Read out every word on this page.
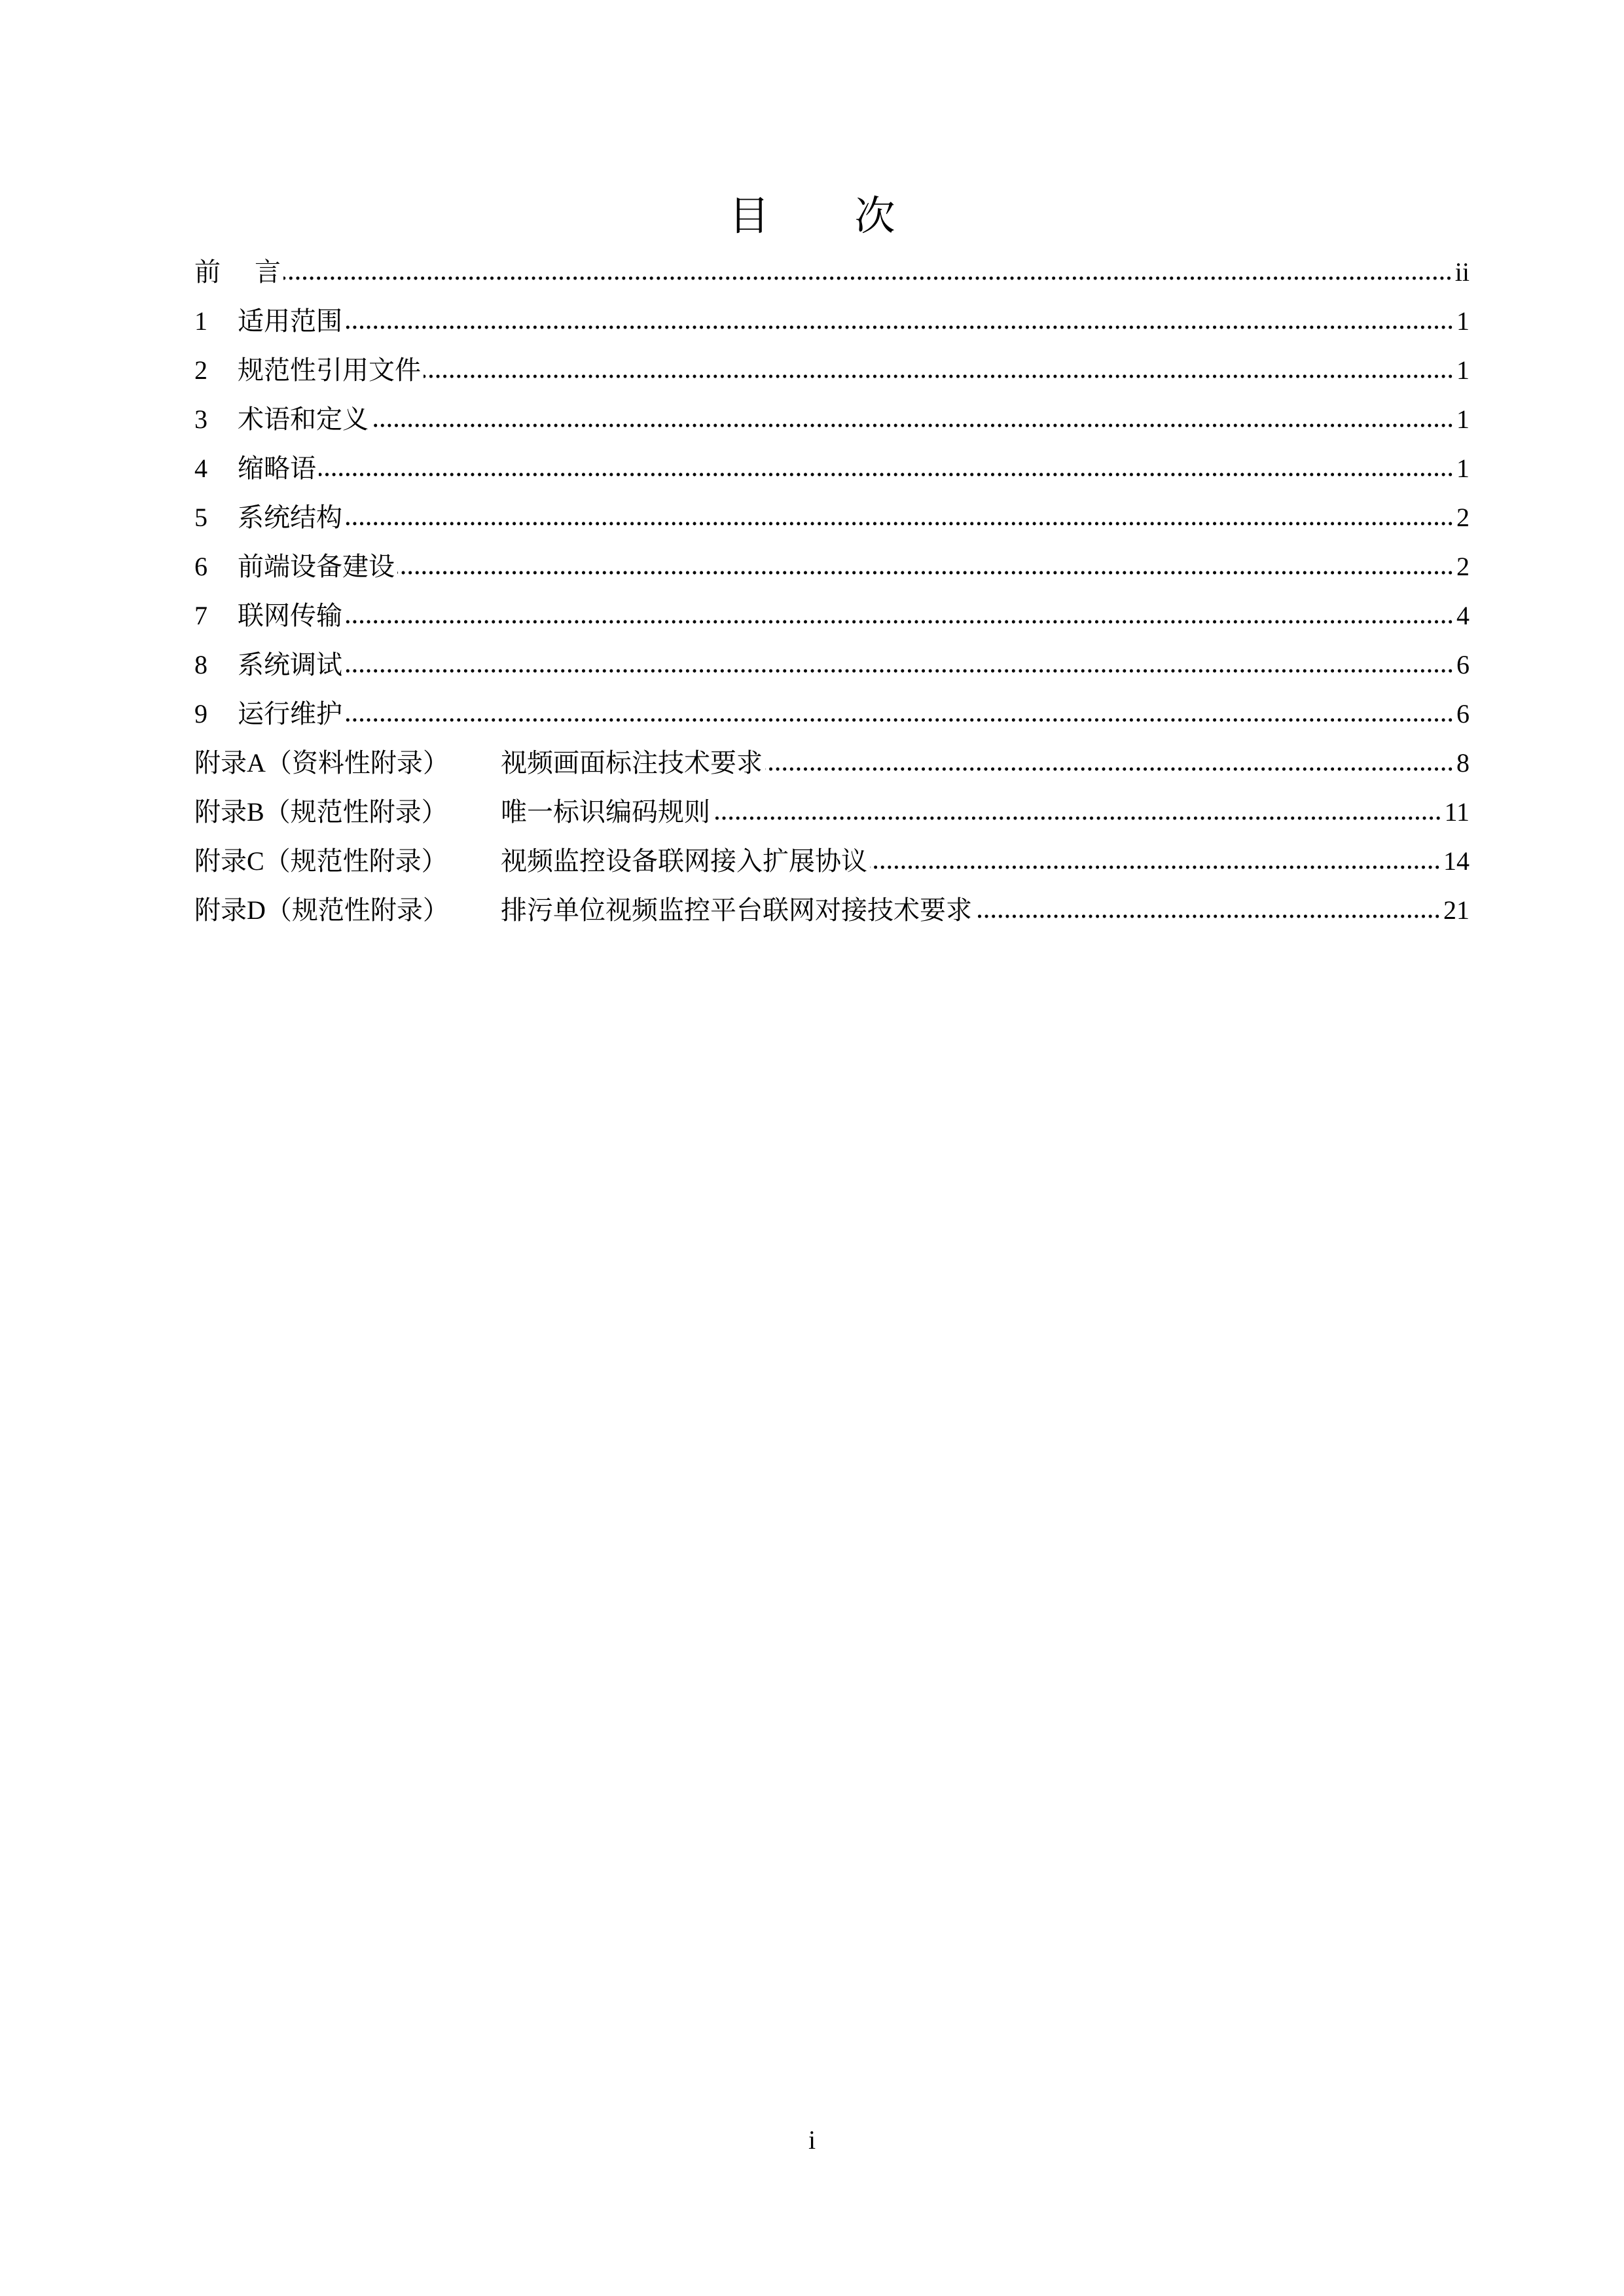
目 次
前 言	ii
1	适用范围	1
2	规范性引用文件	1
3	术语和定义	1
4	缩略语	1
5	系统结构	2
6	前端设备建设	2
7	联网传输	4
8	系统调试	6
9	运行维护	6
附录A（资料性附录）	视频画面标注技术要求	8
附录B（规范性附录）	唯一标识编码规则	11
附录C（规范性附录）	视频监控设备联网接入扩展协议	14
附录D（规范性附录）	排污单位视频监控平台联网对接技术要求	21
i
